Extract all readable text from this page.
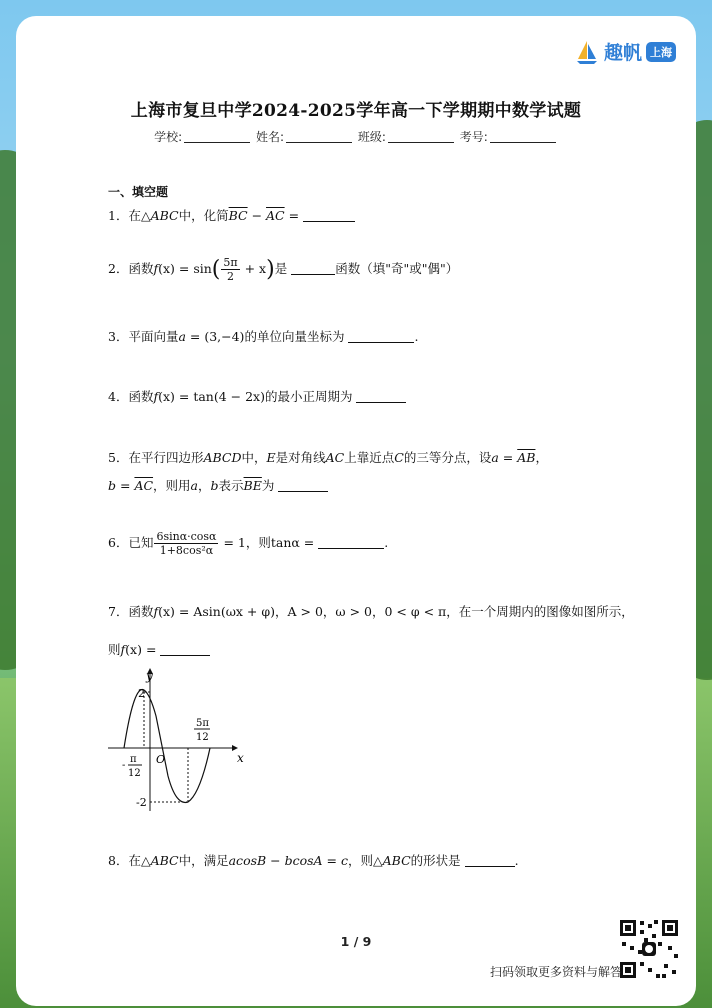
趣帆 上海
上海市复旦中学2024-2025学年高一下学期期中数学试题
学校:	姓名:	班级:	考号:
一、填空题
1．在△ABC中，化简$\overline{BC} - \overline{AC}$ =
2．函数$f(x) = \sin( \frac{5\pi}{2} + x)$是	函数（填"奇"或"偶"）
3．平面向量a = (3,−4)的单位向量坐标为	.
4．函数f(x) = tan(4 − 2x)的最小正周期为
5．在平行四边形ABCD中，E是对角线AC上靠近点C的三等分点，设$a = \overline{AB}$，
$b = \overline{AC}$，则用a，b表示$\overline{BE}$为
6．已知 $\frac{6\sin\alpha\cdot\cos\alpha}{\text{1+8cos²α}} = 1$，则tanα =	.
7．函数f(x) = Asin(ωx + φ)，A > 0，ω > 0，0 < φ < π，在一个周期内的图像如图所示，
则f(x) =
y
x
O
2
-2
-
π
12
5π
12
8．在△ABC中，满足acosB − bcosA = c，则△ABC的形状是	.
1 / 9
扫码领取更多资料与解答
